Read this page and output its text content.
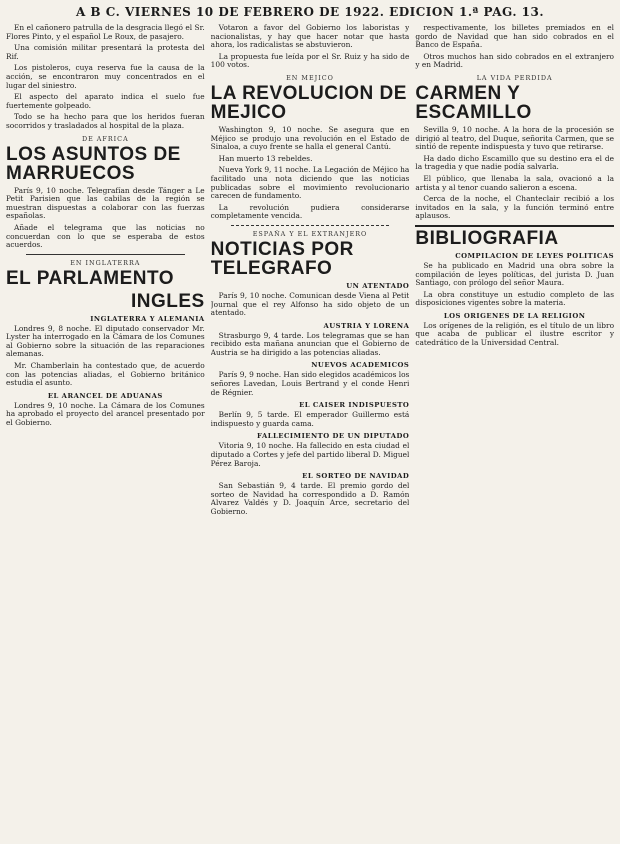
A B C. VIERNES 10 DE FEBRERO DE 1922. EDICION 1.ª PAG. 13.

En el cañonero patrulla de la desgracia llegó el Sr. Flores Pinto, y el español Le Roux, de pasajero.

Una comisión militar presentará la protesta del Rif.

Los pistoleros, cuya reserva fue la causa de la acción, se encontraron muy concentrados en el lugar del siniestro.

El aspecto del aparato indica el suelo fue fuertemente golpeado.

Todo se ha hecho para que los heridos fueran socorridos y trasladados al hospital de la plaza.

DE AFRICA
LOS ASUNTOS DE MARRUECOS

París 9, 10 noche. Telegrafían desde Tánger a Le Petit Parisien que las cabilas de la región se muestran dispuestas a colaborar con las fuerzas españolas.

Añade el telegrama que las noticias no concuerdan con lo que se esperaba de estos acuerdos.

EN INGLATERRA
EL PARLAMENTO
INGLES
INGLATERRA Y ALEMANIA

Londres 9, 8 noche. El diputado conservador Mr. Lyster ha interrogado en la Cámara de los Comunes al Gobierno sobre la situación de las reparaciones alemanas.

Mr. Chamberlain ha contestado que, de acuerdo con las potencias aliadas, el Gobierno británico estudia el asunto.

EL ARANCEL DE ADUANAS

Londres 9, 10 noche. La Cámara de los Comunes ha aprobado el proyecto del arancel presentado por el Gobierno.

Votaron a favor del Gobierno los laboristas y nacionalistas, y hay que hacer notar que hasta ahora, los radicalistas se abstuvieron.

La propuesta fue leída por el Sr. Ruiz y ha sido de 100 votos.

EN MEJICO
LA REVOLUCION DE MEJICO

Washington 9, 10 noche. Se asegura que en Méjico se produjo una revolución en el Estado de Sinaloa, a cuyo frente se halla el general Cantú.

Han muerto 13 rebeldes.

Nueva York 9, 11 noche. La Legación de Méjico ha facilitado una nota diciendo que las noticias publicadas sobre el movimiento revolucionario carecen de fundamento.

La revolución pudiera considerarse completamente vencida.

ESPAÑA Y EL EXTRANJERO
NOTICIAS POR TELEGRAFO
UN ATENTADO

París 9, 10 noche. Comunican desde Viena al Petit Journal que el rey Alfonso ha sido objeto de un atentado.

AUSTRIA Y LORENA

Strasburgo 9, 4 tarde. Los telegramas que se han recibido esta mañana anuncian que el Gobierno de Austria se ha dirigido a las potencias aliadas.

NUEVOS ACADEMICOS

París 9, 9 noche. Han sido elegidos académicos los señores Lavedan, Louis Bertrand y el conde Henri de Régnier.

EL CAISER INDISPUESTO

Berlín 9, 5 tarde. El emperador Guillermo está indispuesto y guarda cama.

FALLECIMIENTO DE UN DIPUTADO

Vitoria 9, 10 noche. Ha fallecido en esta ciudad el diputado a Cortes y jefe del partido liberal D. Miguel Pérez Baroja.

EL SORTEO DE NAVIDAD

San Sebastián 9, 4 tarde. El premio gordo del sorteo de Navidad ha correspondido a D. Ramón Alvarez Valdés y D. Joaquín Arce, secretario del Gobierno.

respectivamente, los billetes premiados en el gordo de Navidad que han sido cobrados en el Banco de España.

Otros muchos han sido cobrados en el extranjero y en Madrid.

LA VIDA PERDIDA
CARMEN Y ESCAMILLO

Sevilla 9, 10 noche. A la hora de la procesión se dirigió al teatro, del Duque, señorita Carmen, que se sintió de repente indispuesta y tuvo que retirarse.

Ha dado dicho Escamillo que su destino era el de la tragedia y que nadie podía salvarla.

El público, que llenaba la sala, ovacionó a la artista y al tenor cuando salieron a escena.

Cerca de la noche, el Chanteclair recibió a los invitados en la sala, y la función terminó entre aplausos.

BIBLIOGRAFIA
COMPILACION DE LEYES POLITICAS

Se ha publicado en Madrid una obra sobre la compilación de leyes políticas, del jurista D. Juan Santiago, con prólogo del señor Maura.

La obra constituye un estudio completo de las disposiciones vigentes sobre la materia.

LOS ORIGENES DE LA RELIGION

Los orígenes de la religión, es el título de un libro que acaba de publicar el ilustre escritor y catedrático de la Universidad Central.
